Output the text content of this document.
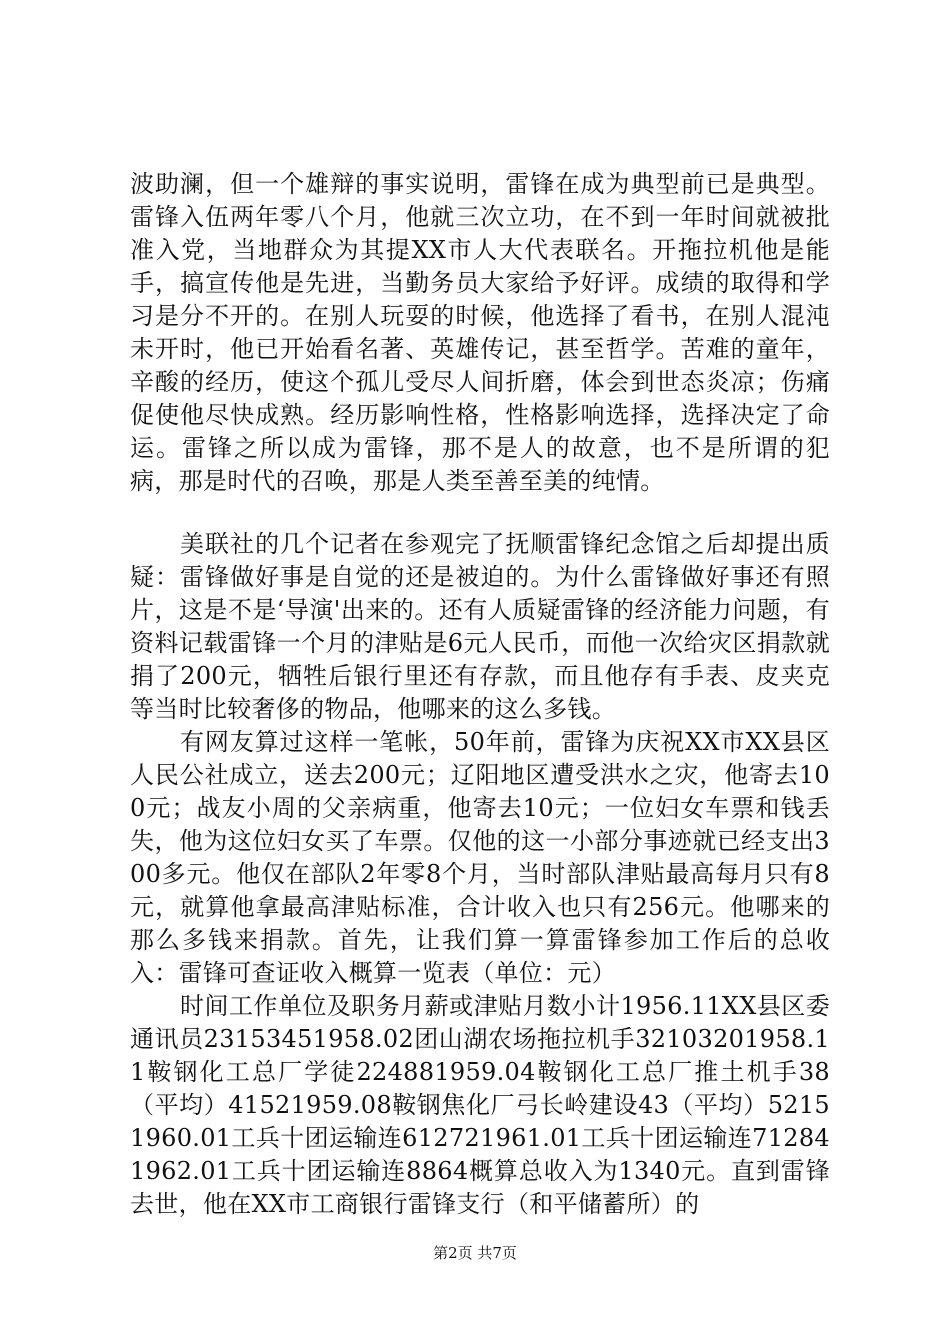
波助澜，但一个雄辩的事实说明，雷锋在成为典型前已是典型。雷锋入伍两年零八个月，他就三次立功，在不到一年时间就被批准入党，当地群众为其提XX市人大代表联名。开拖拉机他是能手，搞宣传他是先进，当勤务员大家给予好评。成绩的取得和学习是分不开的。在别人玩耍的时候，他选择了看书，在别人混沌未开时，他已开始看名著、英雄传记，甚至哲学。苦难的童年，辛酸的经历，使这个孤儿受尽人间折磨，体会到世态炎凉；伤痛促使他尽快成熟。经历影响性格，性格影响选择，选择决定了命运。雷锋之所以成为雷锋，那不是人的故意，也不是所谓的犯病，那是时代的召唤，那是人类至善至美的纯情。

美联社的几个记者在参观完了抚顺雷锋纪念馆之后却提出质疑：雷锋做好事是自觉的还是被迫的。为什么雷锋做好事还有照片，这是不是‘导演'出来的。还有人质疑雷锋的经济能力问题，有资料记载雷锋一个月的津贴是6元人民币，而他一次给灾区捐款就捐了200元，牺牲后银行里还有存款，而且他存有手表、皮夹克等当时比较奢侈的物品，他哪来的这么多钱。

有网友算过这样一笔帐，50年前，雷锋为庆祝XX市XX县区人民公社成立，送去200元；辽阳地区遭受洪水之灾，他寄去100元；战友小周的父亲病重，他寄去10元；一位妇女车票和钱丢失，他为这位妇女买了车票。仅他的这一小部分事迹就已经支出300多元。他仅在部队2年零8个月，当时部队津贴最高每月只有8元，就算他拿最高津贴标准，合计收入也只有256元。他哪来的那么多钱来捐款。首先，让我们算一算雷锋参加工作后的总收入：雷锋可查证收入概算一览表（单位：元）

时间工作单位及职务月薪或津贴月数小计1956.11XX县区委通讯员23153451958.02团山湖农场拖拉机手32103201958.11鞍钢化工总厂学徒224881959.04鞍钢化工总厂推土机手38（平均）41521959.08鞍钢焦化厂弓长岭建设43（平均）52151960.01工兵十团运输连612721961.01工兵十团运输连712841962.01工兵十团运输连8864概算总收入为1340元。直到雷锋去世，他在XX市工商银行雷锋支行（和平储蓄所）的

第2页 共7页
